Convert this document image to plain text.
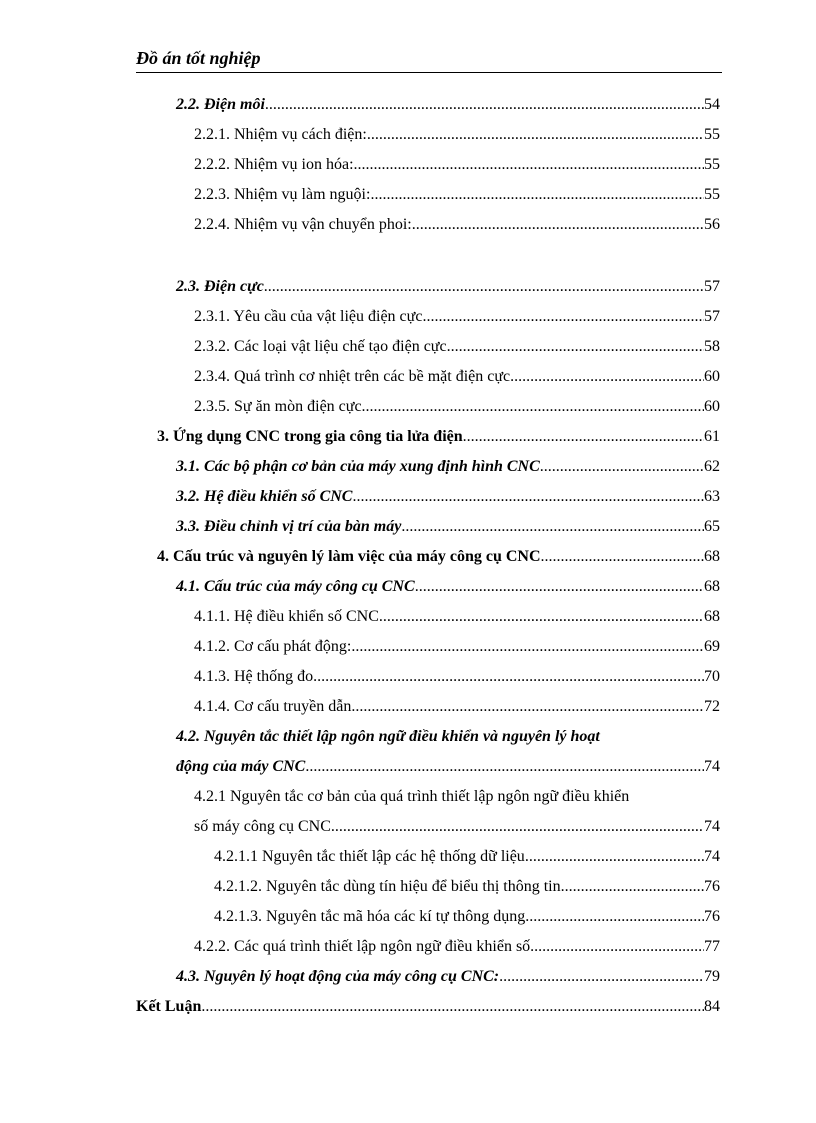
Đồ án tốt nghiệp
2.2. Điện môi .....	54
2.2.1. Nhiệm vụ cách điện: .....	55
2.2.2. Nhiệm vụ ion hóa: .....	55
2.2.3. Nhiệm vụ làm nguội: .....	55
2.2.4. Nhiệm vụ vận chuyển phoi: .....	56
2.3. Điện cực .....	57
2.3.1. Yêu cầu của vật liệu điện cực .....	57
2.3.2. Các loại vật liệu chế tạo điện cực .....	58
2.3.4. Quá trình cơ nhiệt trên các bề mặt điện cực .....	60
2.3.5. Sự ăn mòn điện cực .....	60
3. Ứng dụng CNC trong gia công tia lửa điện .....	61
3.1. Các bộ phận cơ bản của máy xung định hình CNC .....	62
3.2. Hệ điều khiển số CNC .....	63
3.3. Điều chỉnh vị trí của bàn máy .....	65
4. Cấu trúc và nguyên lý làm việc của máy công cụ CNC .....	68
4.1. Cấu trúc của máy công cụ CNC .....	68
4.1.1. Hệ điều khiển số CNC .....	68
4.1.2. Cơ cấu phát động: .....	69
4.1.3. Hệ thống đo .....	70
4.1.4. Cơ cấu truyền dẫn .....	72
4.2. Nguyên tắc thiết lập ngôn ngữ điều khiển và nguyên lý hoạt
động của máy CNC .....	74
4.2.1 Nguyên tắc cơ bản của quá trình thiết lập ngôn ngữ điều khiển
số máy công cụ CNC .....	74
4.2.1.1 Nguyên tắc thiết lập các hệ thống dữ liệu .....	74
4.2.1.2. Nguyên tắc dùng tín hiệu để biểu thị thông tin .....	76
4.2.1.3. Nguyên tắc mã hóa các kí tự thông dụng .....	76
4.2.2. Các quá trình thiết lập ngôn ngữ điều khiển số .....	77
4.3. Nguyên lý hoạt động của máy công cụ CNC: .....	79
Kết Luận .....	84
